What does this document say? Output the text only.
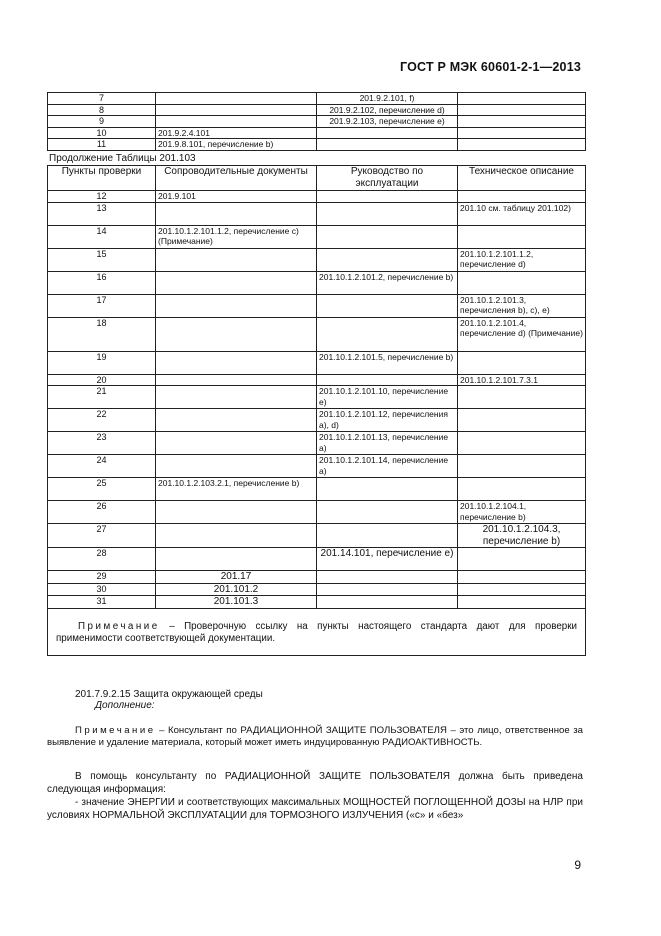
ГОСТ Р МЭК 60601-2-1—2013
7		201.9.2.101, f)	
8		201.9.2.102, перечисление d)	
9		201.9.2.103, перечисление e)	
10	201.9.2.4.101		
11	201.9.8.101, перечисление b)		
Продолжение Таблицы 201.103
Пункты проверки	Сопроводительные документы	Руководство по эксплуатации	Техническое описание
12	201.9.101		
13			201.10 см. таблицу 201.102)
14	201.10.1.2.101.1.2, перечисление с) (Примечание)		
15			201.10.1.2.101.1.2, перечисление d)
16		201.10.1.2.101.2, перечисление b)	
17			201.10.1.2.101.3, перечисления b), c), e)
18			201.10.1.2.101.4, перечисление d) (Примечание)
19		201.10.1.2.101.5, перечисление b)	
20			201.10.1.2.101.7.3.1
21		201.10.1.2.101.10, перечисление e)	
22		201.10.1.2.101.12, перечисления a), d)	
23		201.10.1.2.101.13, перечисление a)	
24		201.10.1.2.101.14, перечисление a)	
25	201.10.1.2.103.2.1, перечисление b)		
26			201.10.1.2.104.1, перечисление b)
27			201.10.1.2.104.3, перечисление b)
28		201.14.101, перечисление e)	
29	201.17		
30	201.101.2		
31	201.101.3		
Примечание – Проверочную ссылку на пункты настоящего стандарта дают для проверки применимости соответствующей документации.			
201.7.9.2.15 Защита окружающей среды
Дополнение:
Примечание – Консультант по РАДИАЦИОННОЙ ЗАЩИТЕ ПОЛЬЗОВАТЕЛЯ – это лицо, ответственное за выявление и удаление материала, который может иметь индуцированную РАДИОАКТИВНОСТЬ.
В помощь консультанту по РАДИАЦИОННОЙ ЗАЩИТЕ ПОЛЬЗОВАТЕЛЯ должна быть приведена следующая информация:
- значение ЭНЕРГИИ и соответствующих максимальных МОЩНОСТЕЙ ПОГЛОЩЕННОЙ ДОЗЫ на НЛР при условиях НОРМАЛЬНОЙ ЭКСПЛУАТАЦИИ для ТОРМОЗНОГО ИЗЛУЧЕНИЯ («с» и «без»
9
